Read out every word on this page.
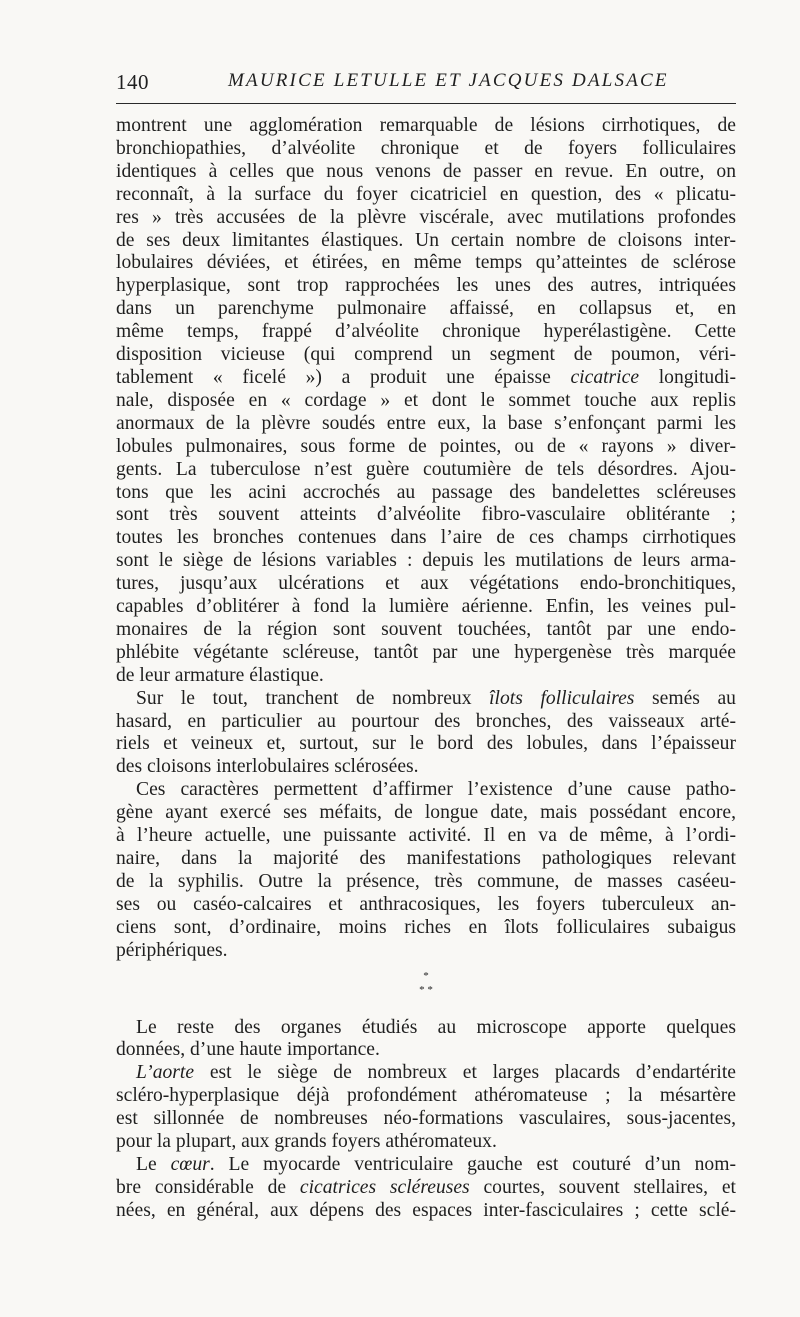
140	MAURICE LETULLE ET JACQUES DALSACE

montrent une agglomération remarquable de lésions cirrhotiques, de

bronchiopathies, d’alvéolite chronique et de foyers folliculaires

identiques à celles que nous venons de passer en revue. En outre, on

reconnaît, à la surface du foyer cicatriciel en question, des « plicatu-

res » très accusées de la plèvre viscérale, avec mutilations profondes

de ses deux limitantes élastiques. Un certain nombre de cloisons inter-

lobulaires déviées, et étirées, en même temps qu’atteintes de sclérose

hyperplasique, sont trop rapprochées les unes des autres, intriquées

dans un parenchyme pulmonaire affaissé, en collapsus et, en

même temps, frappé d’alvéolite chronique hyperélastigène. Cette

disposition vicieuse (qui comprend un segment de poumon, véri-

tablement « ficelé ») a produit une épaisse cicatrice longitudi-

nale, disposée en « cordage » et dont le sommet touche aux replis

anormaux de la plèvre soudés entre eux, la base s’enfonçant parmi les

lobules pulmonaires, sous forme de pointes, ou de « rayons » diver-

gents. La tuberculose n’est guère coutumière de tels désordres. Ajou-

tons que les acini accrochés au passage des bandelettes scléreuses

sont très souvent atteints d’alvéolite fibro-vasculaire oblitérante ;

toutes les bronches contenues dans l’aire de ces champs cirrhotiques

sont le siège de lésions variables : depuis les mutilations de leurs arma-

tures, jusqu’aux ulcérations et aux végétations endo-bronchitiques,

capables d’oblitérer à fond la lumière aérienne. Enfin, les veines pul-

monaires de la région sont souvent touchées, tantôt par une endo-

phlébite végétante scléreuse, tantôt par une hypergenèse très marquée

de leur armature élastique.

Sur le tout, tranchent de nombreux îlots folliculaires semés au

hasard, en particulier au pourtour des bronches, des vaisseaux arté-

riels et veineux et, surtout, sur le bord des lobules, dans l’épaisseur

des cloisons interlobulaires sclérosées.

Ces caractères permettent d’affirmer l’existence d’une cause patho-

gène ayant exercé ses méfaits, de longue date, mais possédant encore,

à l’heure actuelle, une puissante activité. Il en va de même, à l’ordi-

naire, dans la majorité des manifestations pathologiques relevant

de la syphilis. Outre la présence, très commune, de masses caséeu-

ses ou caséo-calcaires et anthracosiques, les foyers tuberculeux an-

ciens sont, d’ordinaire, moins riches en îlots folliculaires subaigus

périphériques.

*
* *

Le reste des organes étudiés au microscope apporte quelques

données, d’une haute importance.

L’aorte est le siège de nombreux et larges placards d’endartérite

scléro-hyperplasique déjà profondément athéromateuse ; la mésartère

est sillonnée de nombreuses néo-formations vasculaires, sous-jacentes,

pour la plupart, aux grands foyers athéromateux.

Le cœur. Le myocarde ventriculaire gauche est couturé d’un nom-

bre considérable de cicatrices scléreuses courtes, souvent stellaires, et

nées, en général, aux dépens des espaces inter-fasciculaires ; cette sclé-
